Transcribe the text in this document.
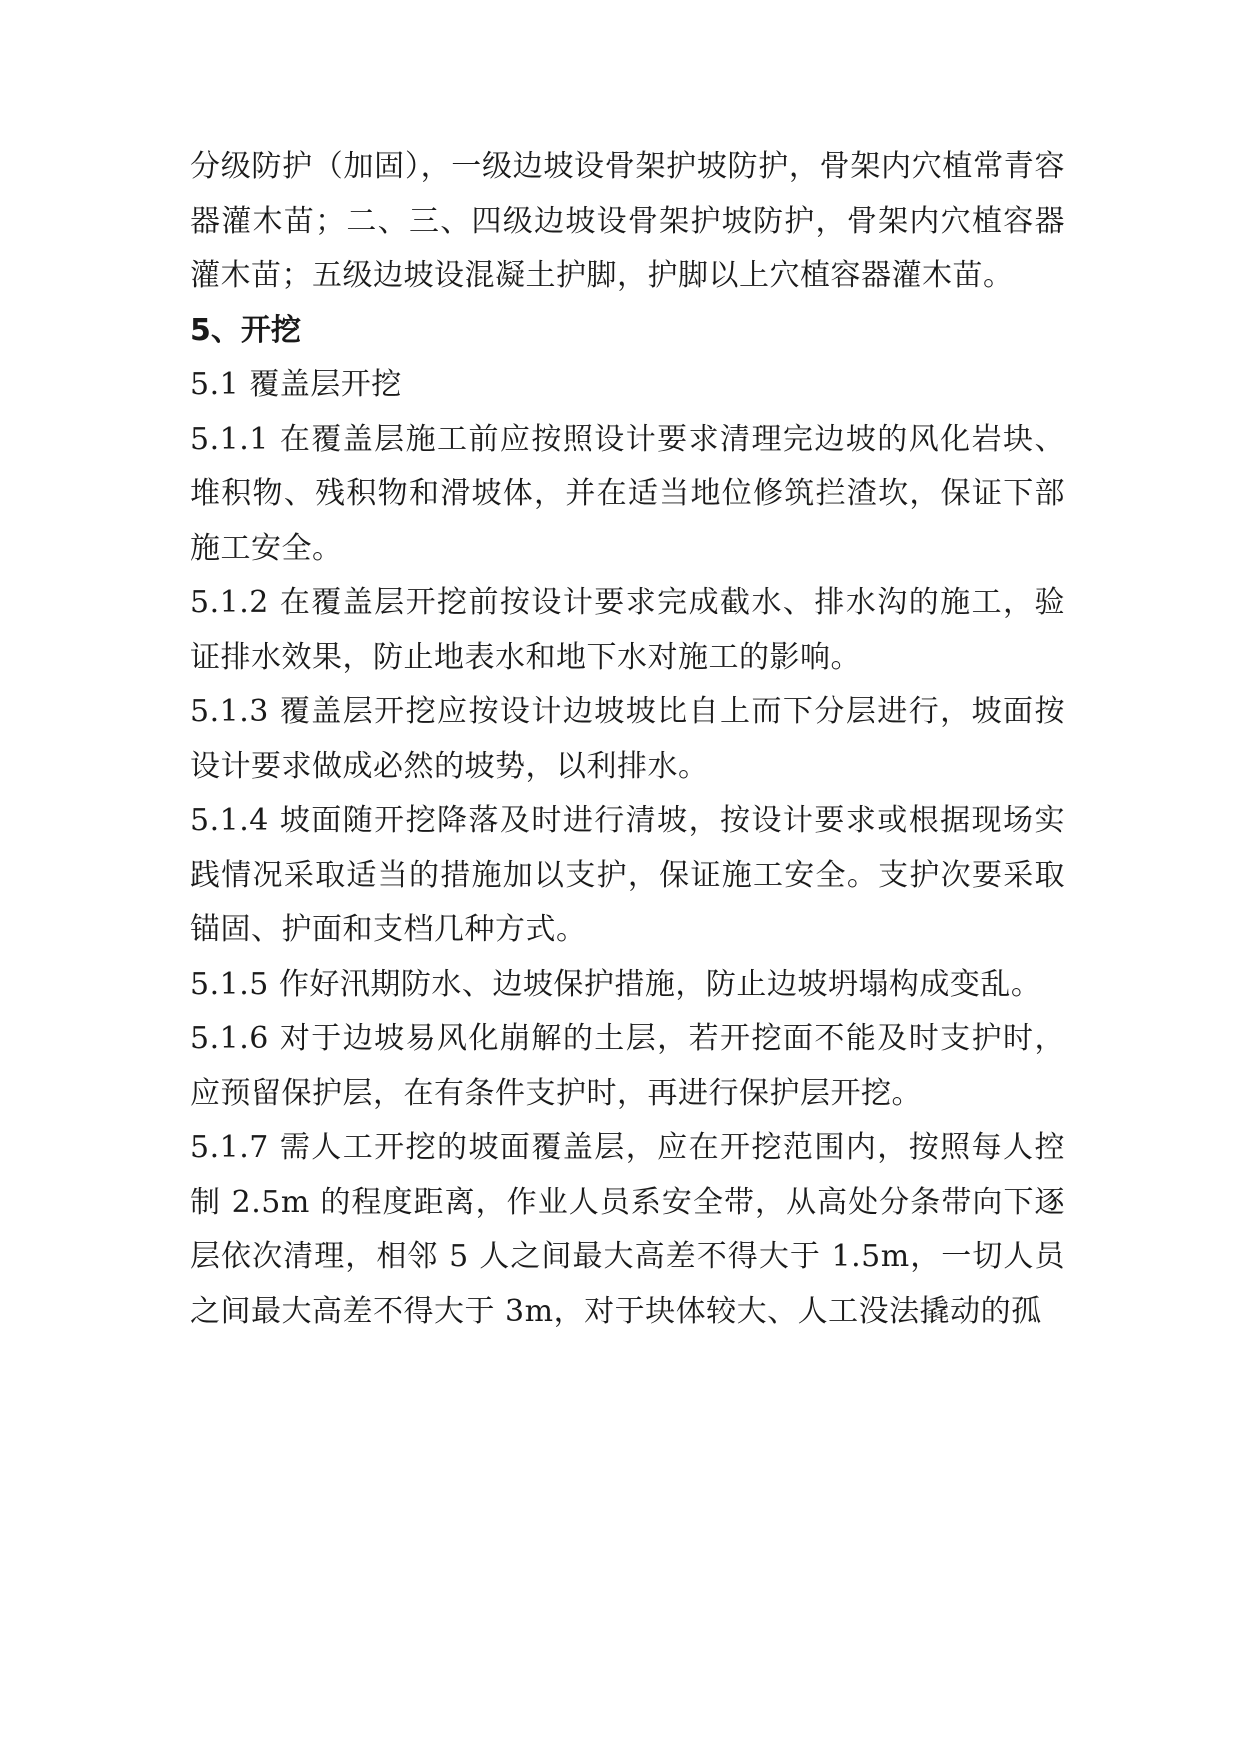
分级防护（加固），一级边坡设骨架护坡防护，骨架内穴植常青容器灌木苗；二、三、四级边坡设骨架护坡防护，骨架内穴植容器灌木苗；五级边坡设混凝土护脚，护脚以上穴植容器灌木苗。

5、开挖

5.1 覆盖层开挖

5.1.1 在覆盖层施工前应按照设计要求清理完边坡的风化岩块、堆积物、残积物和滑坡体，并在适当地位修筑拦渣坎，保证下部施工安全。

5.1.2 在覆盖层开挖前按设计要求完成截水、排水沟的施工，验证排水效果，防止地表水和地下水对施工的影响。

5.1.3 覆盖层开挖应按设计边坡坡比自上而下分层进行，坡面按设计要求做成必然的坡势，以利排水。

5.1.4 坡面随开挖降落及时进行清坡，按设计要求或根据现场实践情况采取适当的措施加以支护，保证施工安全。支护次要采取锚固、护面和支档几种方式。

5.1.5 作好汛期防水、边坡保护措施，防止边坡坍塌构成变乱。

5.1.6 对于边坡易风化崩解的土层，若开挖面不能及时支护时，应预留保护层，在有条件支护时，再进行保护层开挖。

5.1.7 需人工开挖的坡面覆盖层，应在开挖范围内，按照每人控制 2.5m 的程度距离，作业人员系安全带，从高处分条带向下逐层依次清理，相邻 5 人之间最大高差不得大于 1.5m，一切人员之间最大高差不得大于 3m，对于块体较大、人工没法撬动的孤
